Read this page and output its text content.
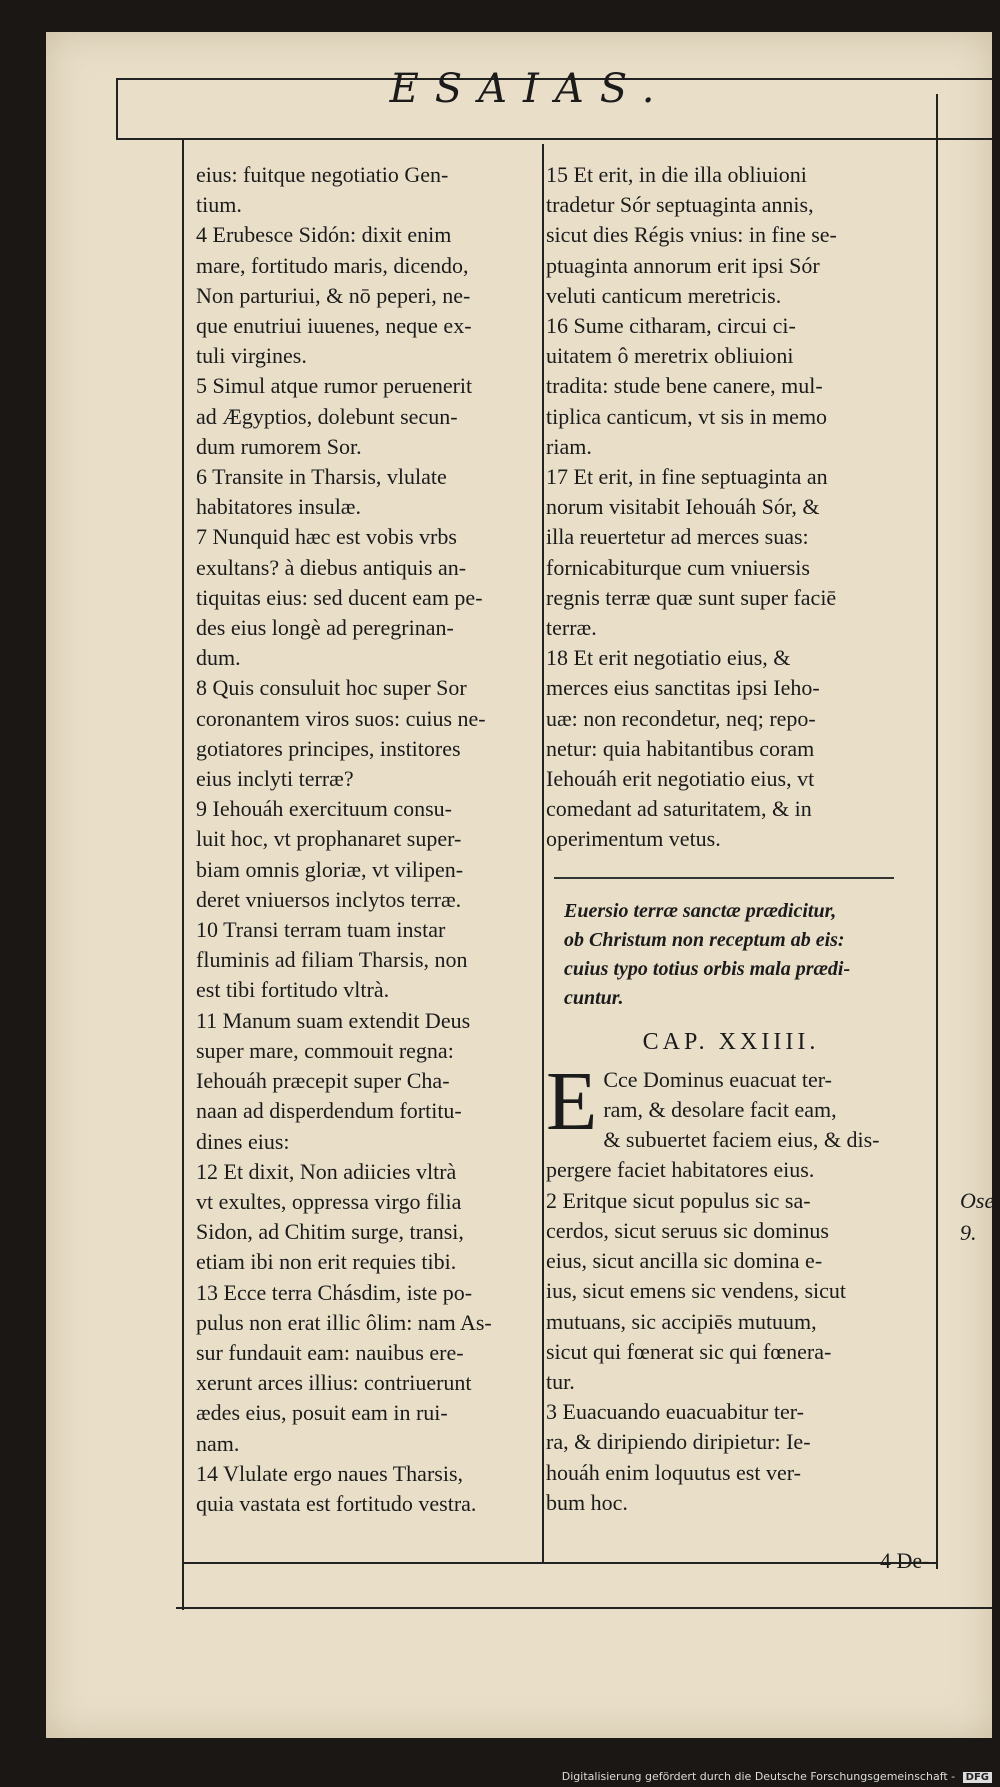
ESAIAS.

eius: fuitque negotiatio Gen-

tium.

4 Erubesce Sidón: dixit enim

mare, fortitudo maris, dicendo,

Non parturiui, & nō peperi, ne-

que enutriui iuuenes, neque ex-

tuli virgines.

5 Simul atque rumor peruenerit

ad Ægyptios, dolebunt secun-

dum rumorem Sor.

6 Transite in Tharsis, vlulate

habitatores insulæ.

7 Nunquid hæc est vobis vrbs

exultans? à diebus antiquis an-

tiquitas eius: sed ducent eam pe-

des eius longè ad peregrinan-

dum.

8 Quis consuluit hoc super Sor

coronantem viros suos: cuius ne-

gotiatores principes, institores

eius inclyti terræ?

9 Iehouáh exercituum consu-

luit hoc, vt prophanaret super-

biam omnis gloriæ, vt vilipen-

deret vniuersos inclytos terræ.

10 Transi terram tuam instar

fluminis ad filiam Tharsis, non

est tibi fortitudo vltrà.

11 Manum suam extendit Deus

super mare, commouit regna:

Iehouáh præcepit super Cha-

naan ad disperdendum fortitu-

dines eius:

12 Et dixit, Non adiicies vltrà

vt exultes, oppressa virgo filia

Sidon, ad Chitim surge, transi,

etiam ibi non erit requies tibi.

13 Ecce terra Chásdim, iste po-

pulus non erat illic ôlim: nam As-

sur fundauit eam: nauibus ere-

xerunt arces illius: contriuerunt

ædes eius, posuit eam in rui-

nam.

14 Vlulate ergo naues Tharsis,

quia vastata est fortitudo vestra.

15 Et erit, in die illa obliuioni

tradetur Sór septuaginta annis,

sicut dies Régis vnius: in fine se-

ptuaginta annorum erit ipsi Sór

veluti canticum meretricis.

16 Sume citharam, circui ci-

uitatem ô meretrix obliuioni

tradita: stude bene canere, mul-

tiplica canticum, vt sis in memo

riam.

17 Et erit, in fine septuaginta an

norum visitabit Iehouáh Sór, &

illa reuertetur ad merces suas:

fornicabiturque cum vniuersis

regnis terræ quæ sunt super faciē

terræ.

18 Et erit negotiatio eius, &

merces eius sanctitas ipsi Ieho-

uæ: non recondetur, neq; repo-

netur: quia habitantibus coram

Iehouáh erit negotiatio eius, vt

comedant ad saturitatem, & in

operimentum vetus.

Euersio terræ sanctæ prædicitur,

ob Christum non receptum ab eis:

cuius typo totius orbis mala prædi-

cuntur.

CAP. XXIIII.
E Cce Dominus euacuat ter-

ram, & desolare facit eam,

& subuertet faciem eius, & dis-

pergere faciet habitatores eius.

2 Eritque sicut populus sic sa-

cerdos, sicut seruus sic dominus

eius, sicut ancilla sic domina e-

ius, sicut emens sic vendens, sicut

mutuans, sic accipiēs mutuum,

sicut qui fœnerat sic qui fœnera-

tur.

3 Euacuando euacuabitur ter-

ra, & diripiendo diripietur: Ie-

houáh enim loquutus est ver-

bum hoc.

Ose
9.
4 De-
Digitalisierung gefördert durch die Deutsche Forschungsgemeinschaft - DFG
